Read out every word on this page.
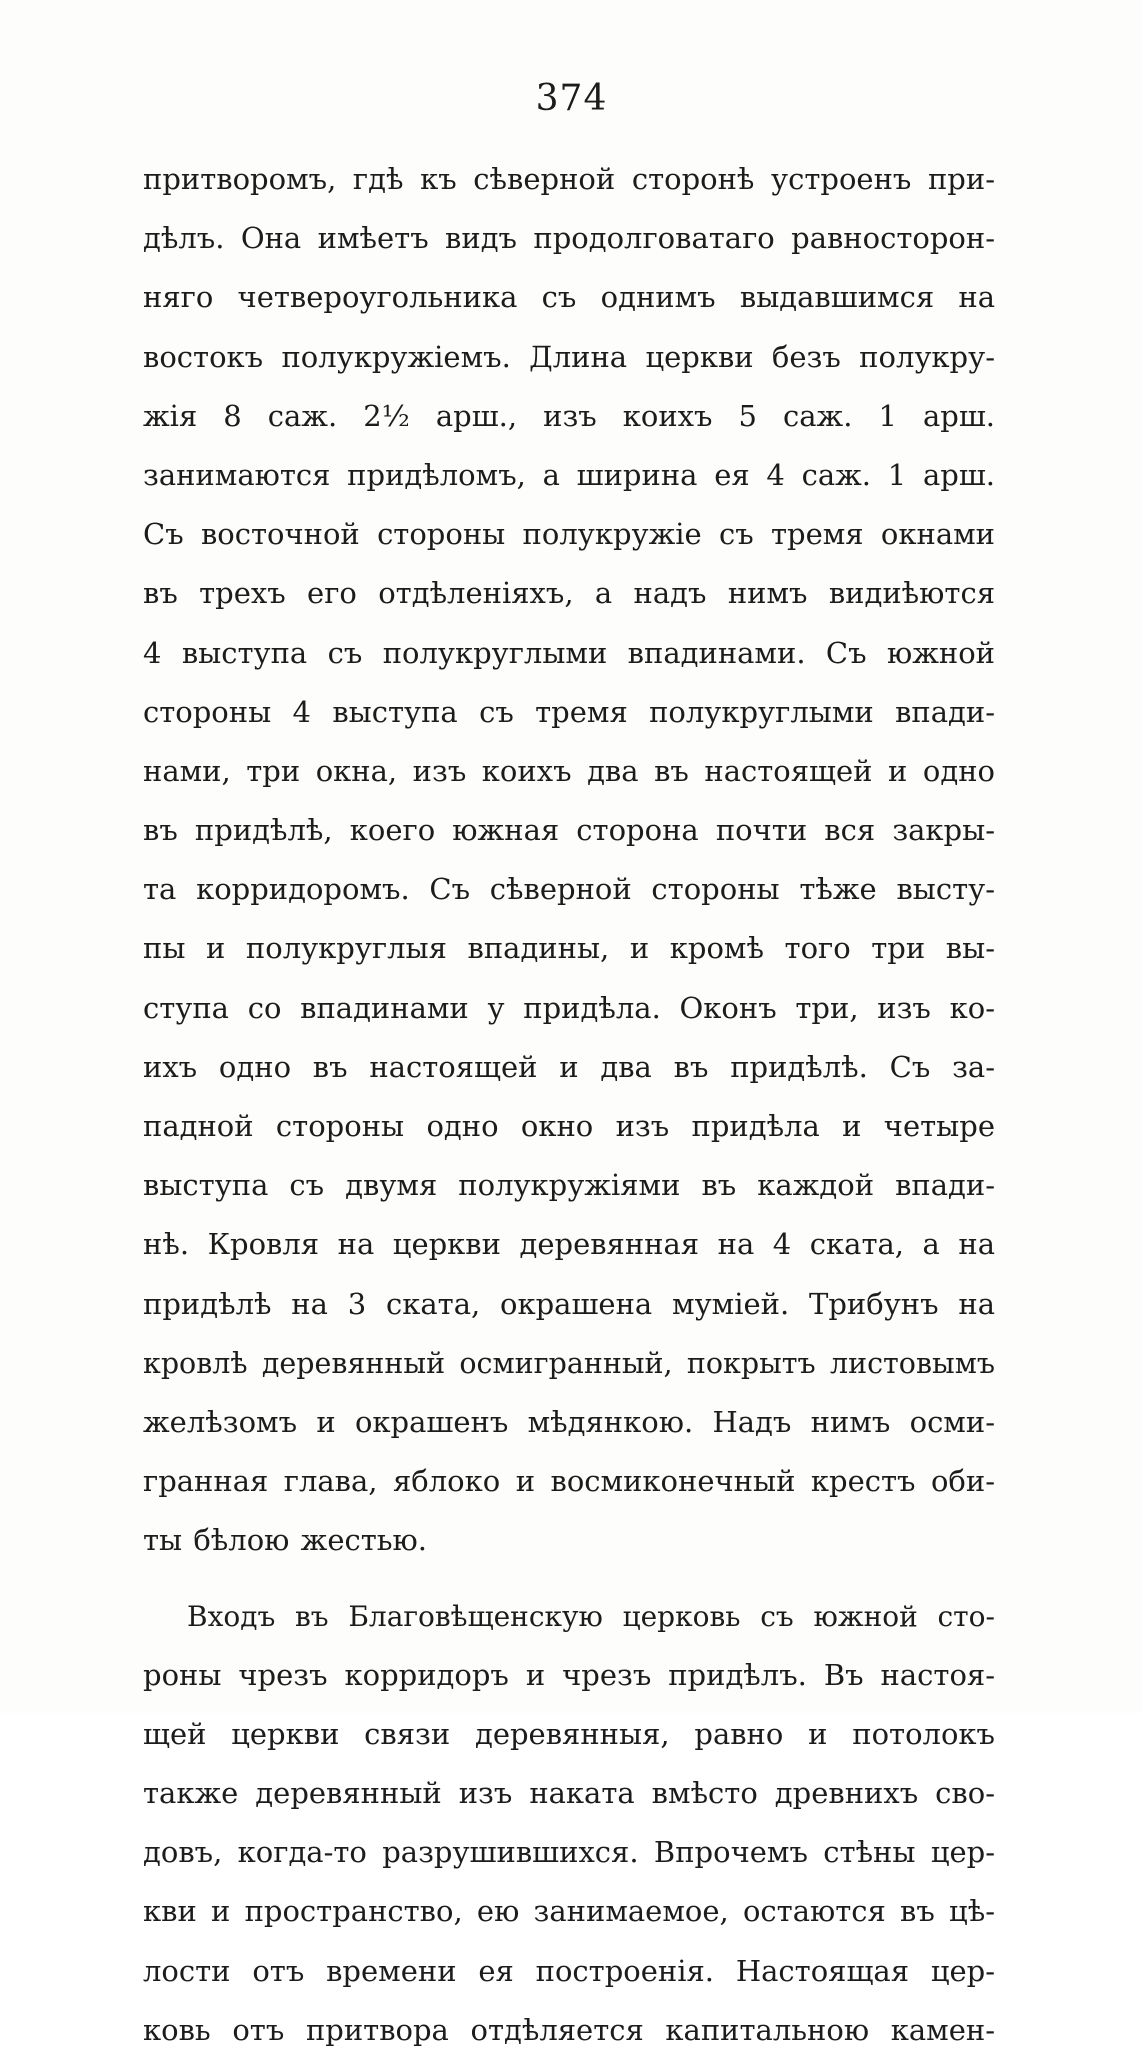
374
притворомъ, гдѣ къ сѣверной сторонѣ устроенъ при-
дѣлъ. Она имѣетъ видъ продолговатаго равносторон-
няго четвероугольника съ однимъ выдавшимся на
востокъ полукружіемъ. Длина церкви безъ полукру-
жія 8 саж. 2½ арш., изъ коихъ 5 саж. 1 арш.
занимаются придѣломъ, а ширина ея 4 саж. 1 арш.
Съ восточной стороны полукружіе съ тремя окнами
въ трехъ его отдѣленіяхъ, а надъ нимъ видиѣются
4 выступа съ полукруглыми впадинами. Съ южной
стороны 4 выступа съ тремя полукруглыми впади-
нами, три окна, изъ коихъ два въ настоящей и одно
въ придѣлѣ, коего южная сторона почти вся закры-
та корридоромъ. Съ сѣверной стороны тѣже высту-
пы и полукруглыя впадины, и кромѣ того три вы-
ступа со впадинами у придѣла. Оконъ три, изъ ко-
ихъ одно въ настоящей и два въ придѣлѣ. Съ за-
падной стороны одно окно изъ придѣла и четыре
выступа съ двумя полукружіями въ каждой впади-
нѣ. Кровля на церкви деревянная на 4 ската, а на
придѣлѣ на 3 ската, окрашена муміей. Трибунъ на
кровлѣ деревянный осмигранный, покрытъ листовымъ
желѣзомъ и окрашенъ мѣдянкою. Надъ нимъ осми-
гранная глава, яблоко и восмиконечный крестъ оби-
ты бѣлою жестью.
Входъ въ Благовѣщенскую церковь съ южной сто-
роны чрезъ корридоръ и чрезъ придѣлъ. Въ настоя-
щей церкви связи деревянныя, равно и потолокъ
также деревянный изъ наката вмѣсто древнихъ сво-
довъ, когда-то разрушившихся. Впрочемъ стѣны цер-
кви и пространство, ею занимаемое, остаются въ цѣ-
лости отъ времени ея построенія. Настоящая цер-
ковь отъ притвора отдѣляется капитальною камен-
